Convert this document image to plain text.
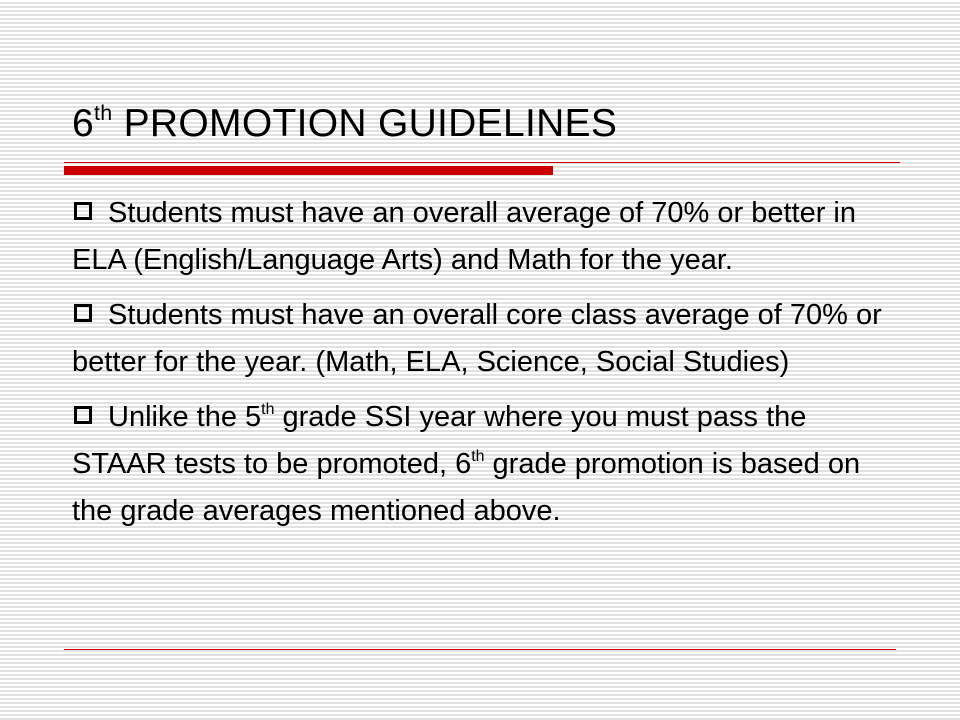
6th PROMOTION GUIDELINES
Students must have an overall average of 70% or better in ELA (English/Language Arts) and Math for the year.
Students must have an overall core class average of 70% or better for the year. (Math, ELA, Science, Social Studies)
Unlike the 5th grade SSI year where you must pass the STAAR tests to be promoted, 6th grade promotion is based on the grade averages mentioned above.
